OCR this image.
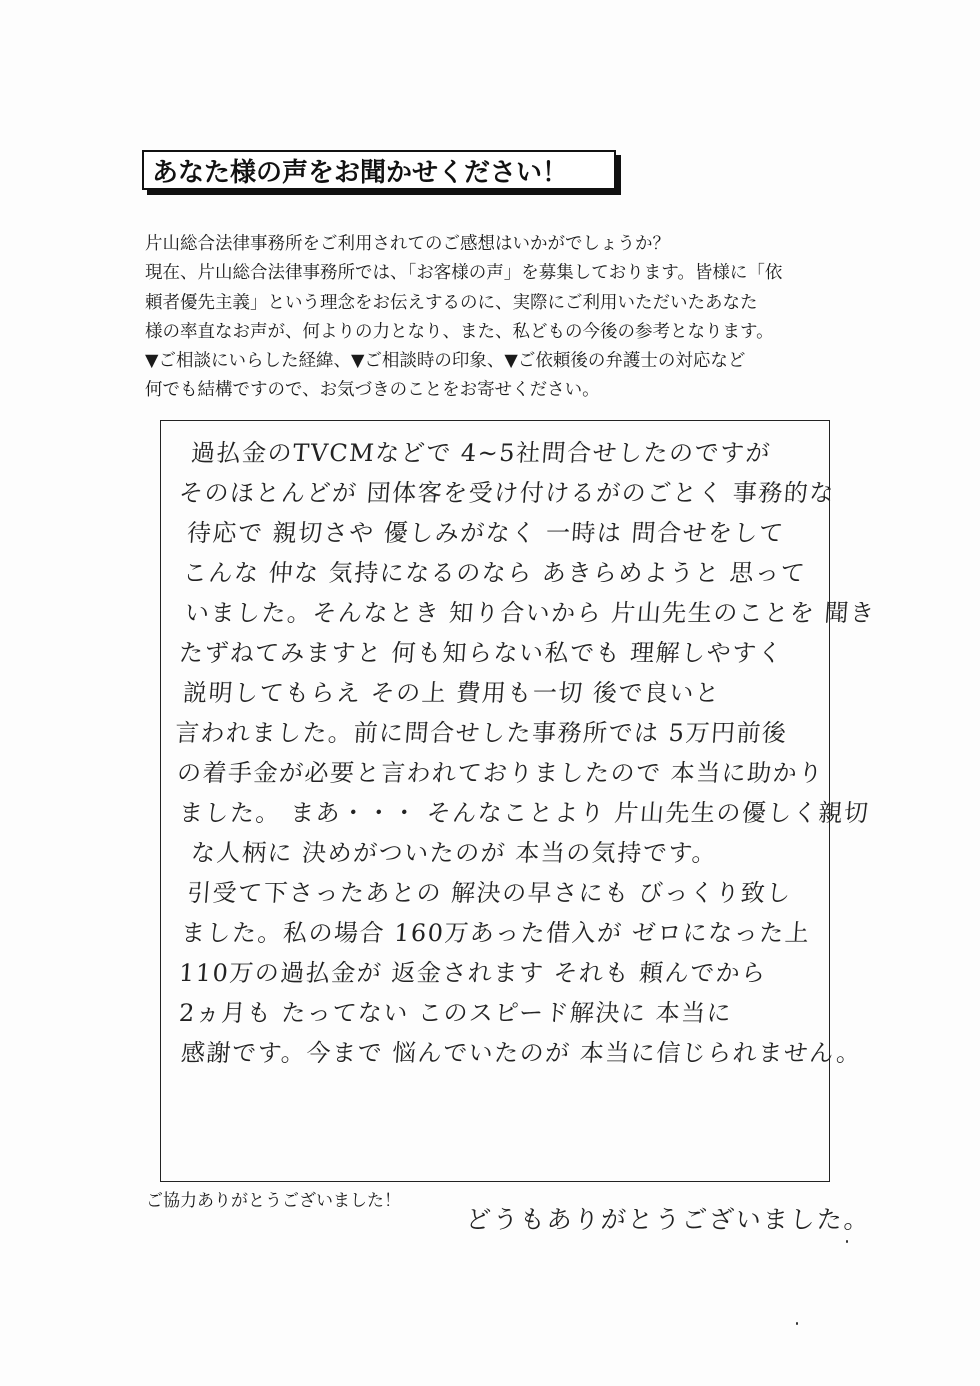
あなた様の声をお聞かせください！
片山総合法律事務所をご利用されてのご感想はいかがでしょうか？
現在、片山総合法律事務所では、「お客様の声」を募集しております。皆様に「依
頼者優先主義」という理念をお伝えするのに、実際にご利用いただいたあなた
様の率直なお声が、何よりの力となり、また、私どもの今後の参考となります。
▼ご相談にいらした経緯、▼ご相談時の印象、▼ご依頼後の弁護士の対応など
何でも結構ですので、お気づきのことをお寄せください。
過払金のTVCMなどで 4~5社問合せしたのですが
そのほとんどが 団体客を受け付けるがのごとく 事務的な
待応で 親切さや 優しみがなく 一時は 問合せをして
こんな 仲な 気持になるのなら あきらめようと 思って
いました。そんなとき 知り合いから 片山先生のことを 聞き
たずねてみますと 何も知らない私でも 理解しやすく
説明してもらえ その上 費用も一切 後で良いと
言われました。前に問合せした事務所では 5万円前後
の着手金が必要と言われておりましたので 本当に助かり
ました。 まあ・・・ そんなことより 片山先生の優しく親切
な人柄に 決めがついたのが 本当の気持です。
引受て下さったあとの 解決の早さにも びっくり致し
ました。私の場合 160万あった借入が ゼロになった上
110万の過払金が 返金されます それも 頼んでから
2ヵ月も たってない このスピード解決に 本当に
感謝です。今まで 悩んでいたのが 本当に信じられません。
ご協力ありがとうございました！
どうもありがとうございました。
